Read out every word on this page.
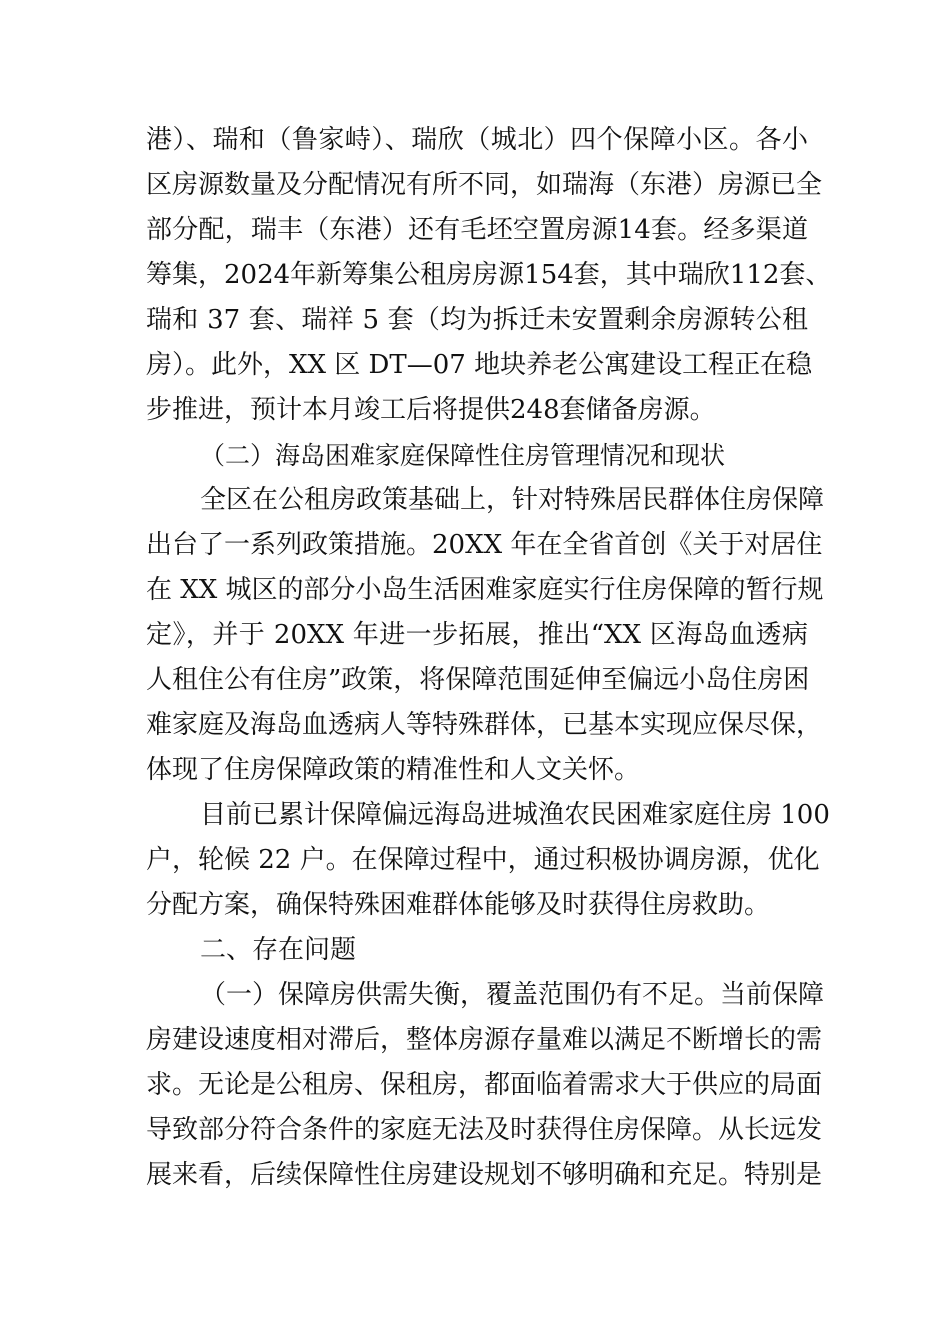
港）、瑞和（鲁家峙）、瑞欣（城北）四个保障小区。各小
区房源数量及分配情况有所不同，如瑞海（东港）房源已全
部分配，瑞丰（东港）还有毛坯空置房源14套。经多渠道
筹集，2024年新筹集公租房房源154套，其中瑞欣112套、
瑞和 37 套、瑞祥 5 套（均为拆迁未安置剩余房源转公租
房）。此外，XX 区 DT—07 地块养老公寓建设工程正在稳
步推进，预计本月竣工后将提供248套储备房源。
（二）海岛困难家庭保障性住房管理情况和现状
全区在公租房政策基础上，针对特殊居民群体住房保障
出台了一系列政策措施。20XX 年在全省首创《关于对居住
在 XX 城区的部分小岛生活困难家庭实行住房保障的暂行规
定》，并于 20XX 年进一步拓展，推出“XX 区海岛血透病
人租住公有住房”政策，将保障范围延伸至偏远小岛住房困
难家庭及海岛血透病人等特殊群体，已基本实现应保尽保，
体现了住房保障政策的精准性和人文关怀。
目前已累计保障偏远海岛进城渔农民困难家庭住房 100
户，轮候 22 户。在保障过程中，通过积极协调房源，优化
分配方案，确保特殊困难群体能够及时获得住房救助。
二、存在问题
（一）保障房供需失衡，覆盖范围仍有不足。当前保障
房建设速度相对滞后，整体房源存量难以满足不断增长的需
求。无论是公租房、保租房，都面临着需求大于供应的局面
导致部分符合条件的家庭无法及时获得住房保障。从长远发
展来看，后续保障性住房建设规划不够明确和充足。特别是
